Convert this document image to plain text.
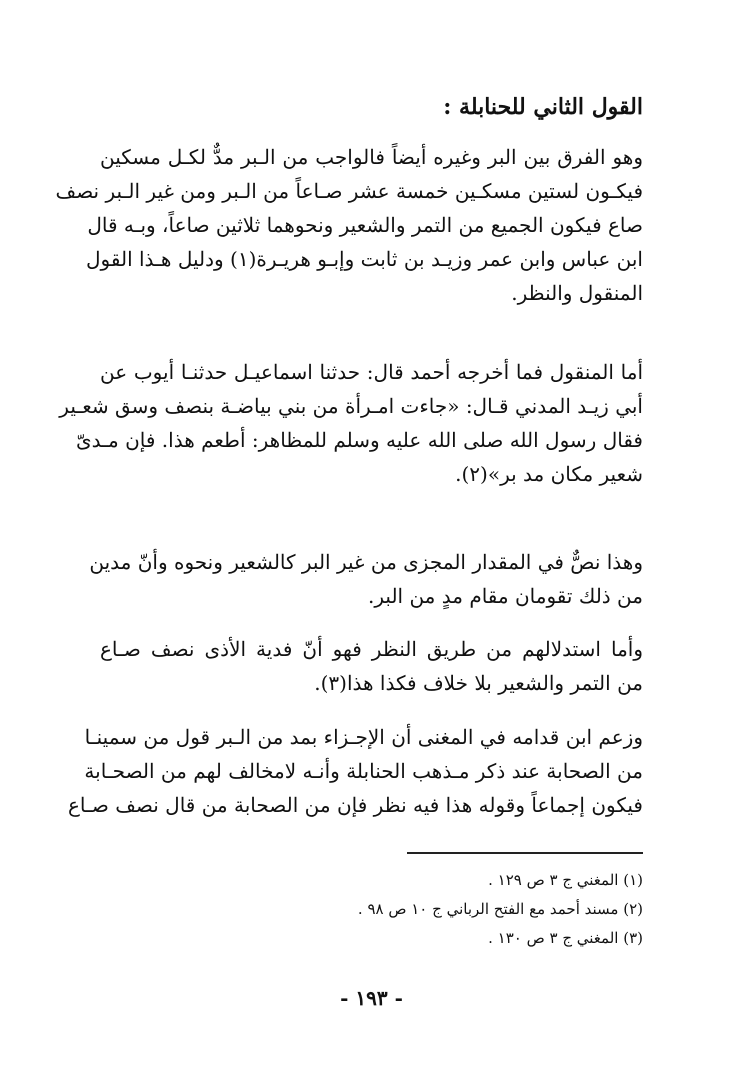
القول الثاني للحنابلة :
وهو الفرق بين البر وغيره أيضاً فالواجب من الـبر مدٌّ لكـل مسكين
فيكـون لستين مسكـين خمسة عشر صـاعاً من الـبر ومن غير الـبر نصف
صاع فيكون الجميع من التمر والشعير ونحوهما ثلاثين صاعاً، وبـه قال
ابن عباس وابن عمر وزيـد بن ثابت وإبـو هريـرة(١) ودليل هـذا القول
المنقول والنظر.
أما المنقول فما أخرجه أحمد قال: حدثنا اسماعيـل حدثنـا أيوب عن
أبي زيـد المدني قـال: «جاءت امـرأة من بني بياضـة بنصف وسق شعـير
فقال رسول الله صلى الله عليه وسلم للمظاهر: أطعم هذا. فإن مـدىّ
شعير مكان مد بر»(٢).
وهذا نصٌّ في المقدار المجزى من غير البر كالشعير ونحوه وأنّ مدين
من ذلك تقومان مقام مدٍ من البر.
وأما استدلالهم من طريق النظر فهو أنّ فدية الأذى نصف صـاع
من التمر والشعير بلا خلاف فكذا هذا(٣).
وزعم ابن قدامه في المغنى أن الإجـزاء بمد من الـبر قول من سمينـا
من الصحابة عند ذكر مـذهب الحنابلة وأنـه لامخالف لهم من الصحـابة
فيكون إجماعاً وقوله هذا فيه نظر فإن من الصحابة من قال نصف صـاع
(١) المغني ج ٣ ص ١٢٩ .
(٢) مسند أحمد مع الفتح الرباني ج ١٠ ص ٩٨ .
(٣) المغني ج ٣ ص ١٣٠ .
- ١٩٣ -
